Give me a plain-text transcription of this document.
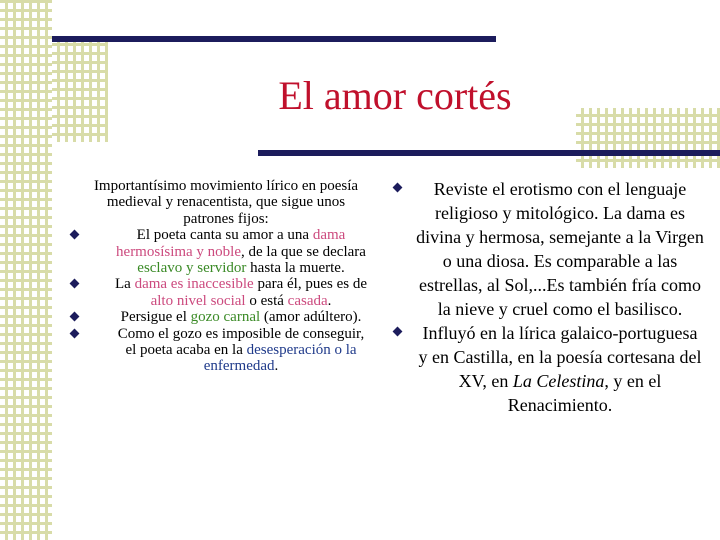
El amor cortés

Importantísimo movimiento lírico en poesía medieval y renacentista, que sigue unos patrones fijos:

El poeta canta su amor a una dama hermosísima y noble, de la que se declara esclavo y servidor hasta la muerte.

La dama es inaccesible para él, pues es de alto nivel social o está casada.

Persigue el gozo carnal (amor adúltero).

Como el gozo es imposible de conseguir, el poeta acaba en la desesperación o la enfermedad.

Reviste el erotismo con el lenguaje religioso y mitológico. La dama es divina y hermosa, semejante a la Virgen o una diosa. Es comparable a las estrellas, al Sol,...Es también fría como la nieve y cruel como el basilisco.

Influyó en la lírica galaico-portuguesa y en Castilla, en la poesía cortesana del XV, en La Celestina, y en el Renacimiento.
